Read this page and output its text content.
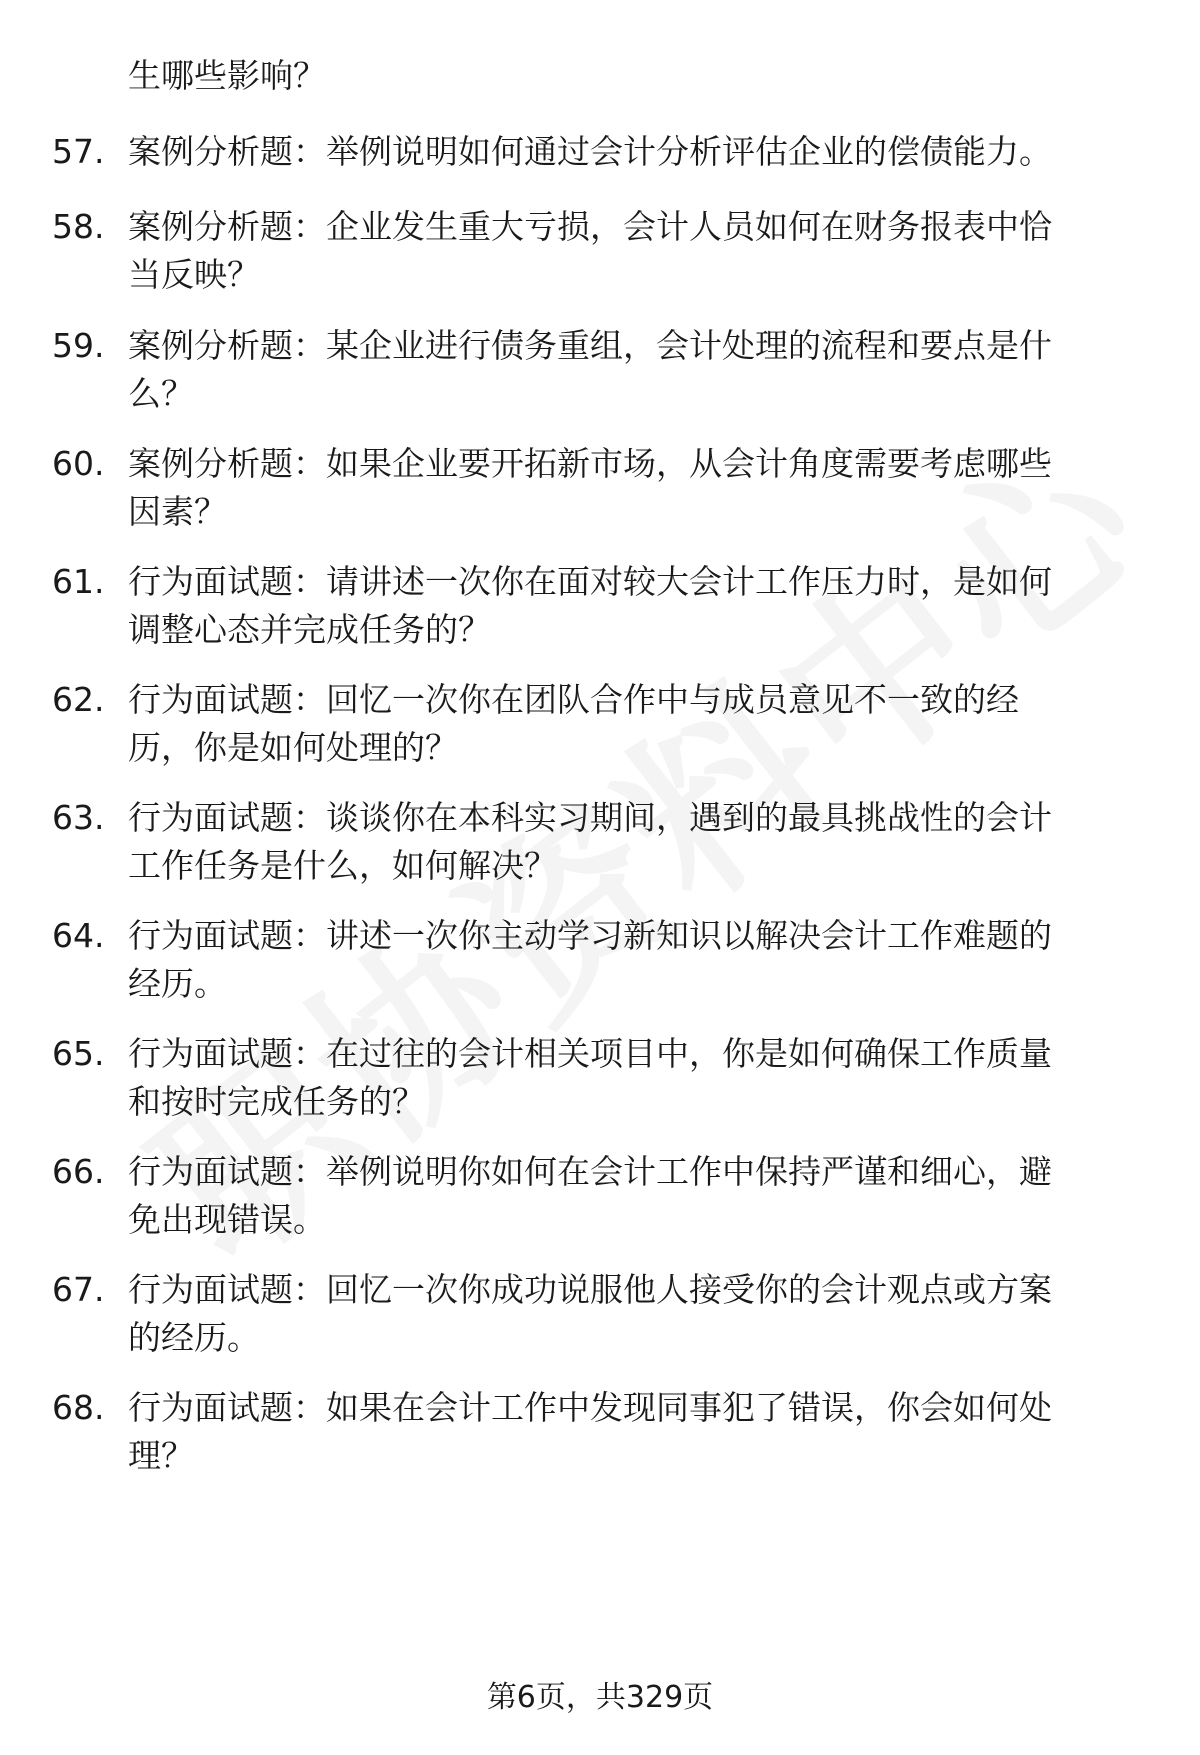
生哪些影响？
57. 案例分析题：举例说明如何通过会计分析评估企业的偿债能力。
58. 案例分析题：企业发生重大亏损，会计人员如何在财务报表中恰
当反映？
59. 案例分析题：某企业进行债务重组，会计处理的流程和要点是什
么？
60. 案例分析题：如果企业要开拓新市场，从会计角度需要考虑哪些
因素？
61. 行为面试题：请讲述一次你在面对较大会计工作压力时，是如何
调整心态并完成任务的？
62. 行为面试题：回忆一次你在团队合作中与成员意见不一致的经
历，你是如何处理的？
63. 行为面试题：谈谈你在本科实习期间，遇到的最具挑战性的会计
工作任务是什么，如何解决？
64. 行为面试题：讲述一次你主动学习新知识以解决会计工作难题的
经历。
65. 行为面试题：在过往的会计相关项目中，你是如何确保工作质量
和按时完成任务的？
66. 行为面试题：举例说明你如何在会计工作中保持严谨和细心，避
免出现错误。
67. 行为面试题：回忆一次你成功说服他人接受你的会计观点或方案
的经历。
68. 行为面试题：如果在会计工作中发现同事犯了错误，你会如何处
理？
第6页，共329页
